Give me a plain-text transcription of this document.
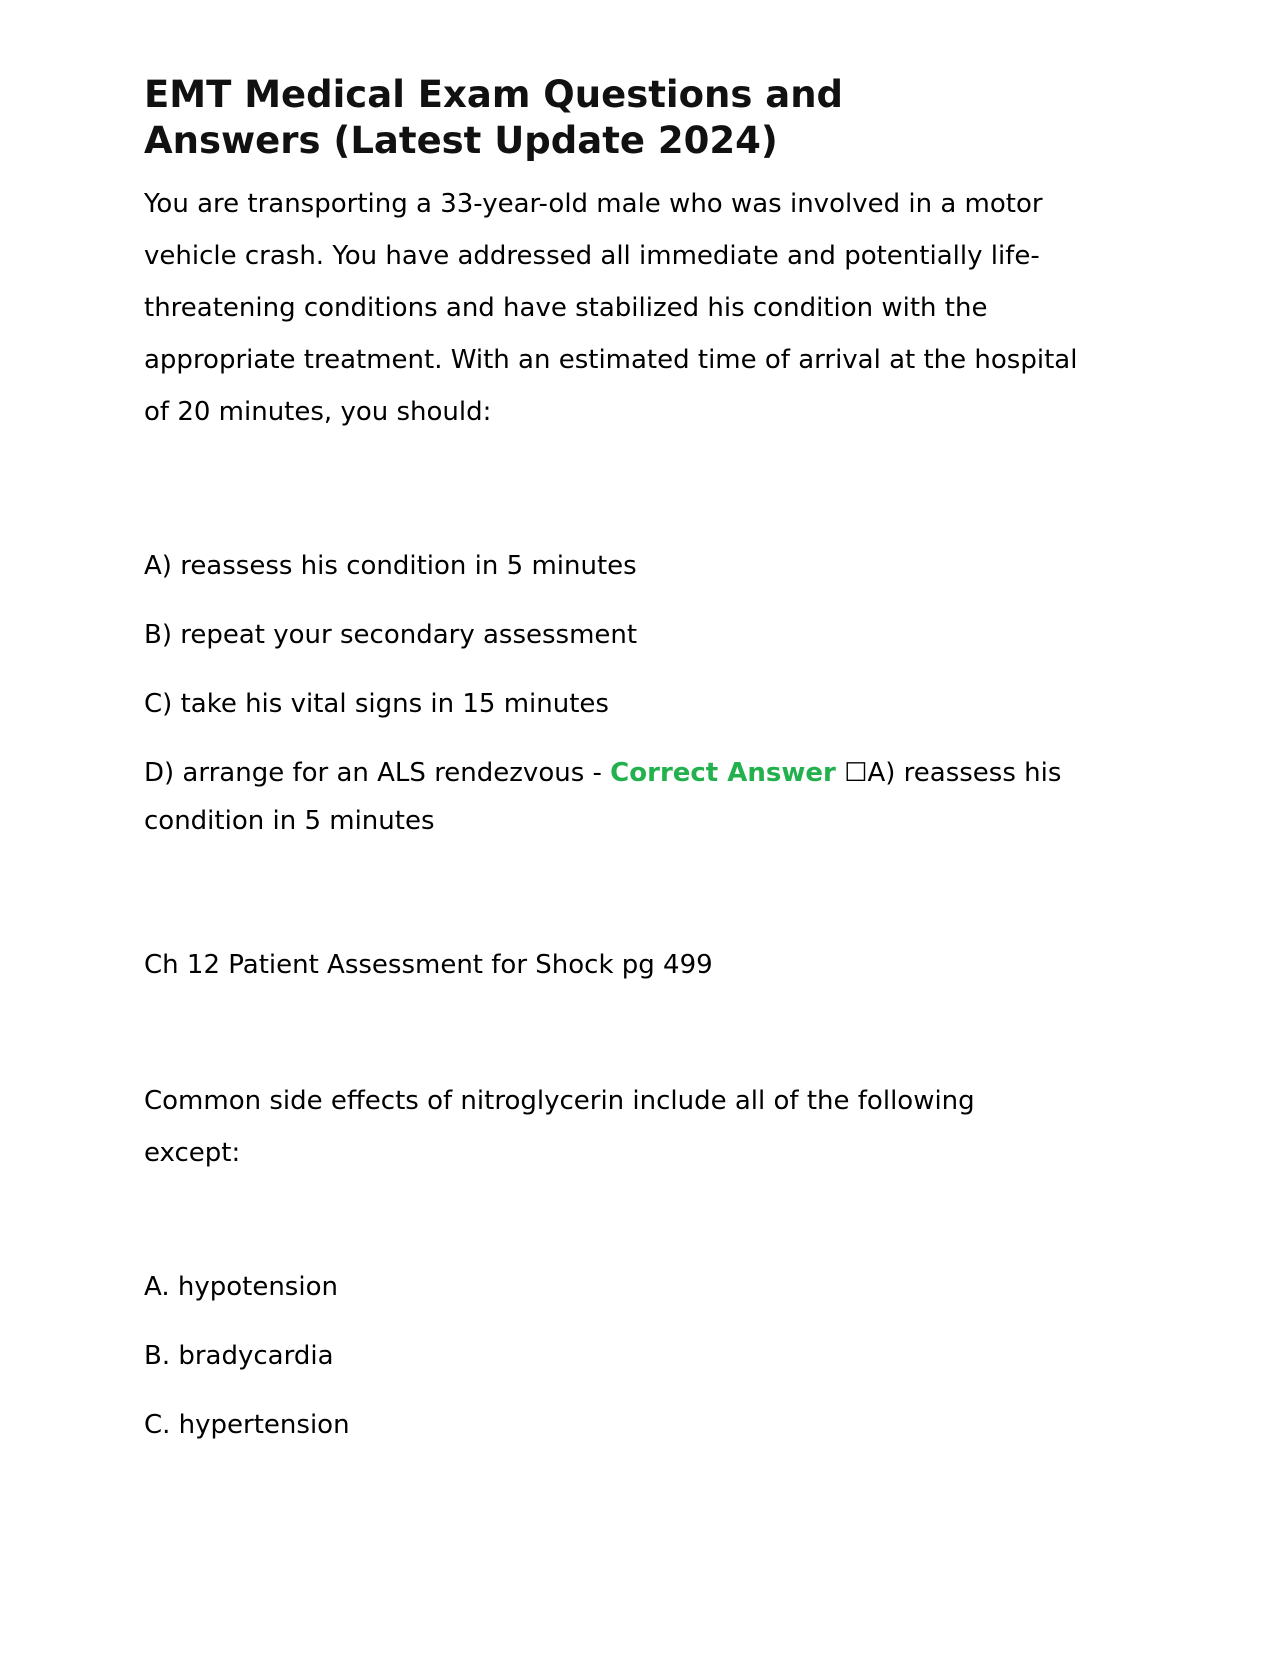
EMT Medical Exam Questions and Answers (Latest Update 2024)

You are transporting a 33-year-old male who was involved in a motor vehicle crash. You have addressed all immediate and potentially life-threatening conditions and have stabilized his condition with the appropriate treatment. With an estimated time of arrival at the hospital of 20 minutes, you should:

A) reassess his condition in 5 minutes

B) repeat your secondary assessment

C) take his vital signs in 15 minutes

D) arrange for an ALS rendezvous - Correct Answer ☐A) reassess his condition in 5 minutes

Ch 12 Patient Assessment for Shock pg 499

Common side effects of nitroglycerin include all of the following except:

A. hypotension

B. bradycardia

C. hypertension
